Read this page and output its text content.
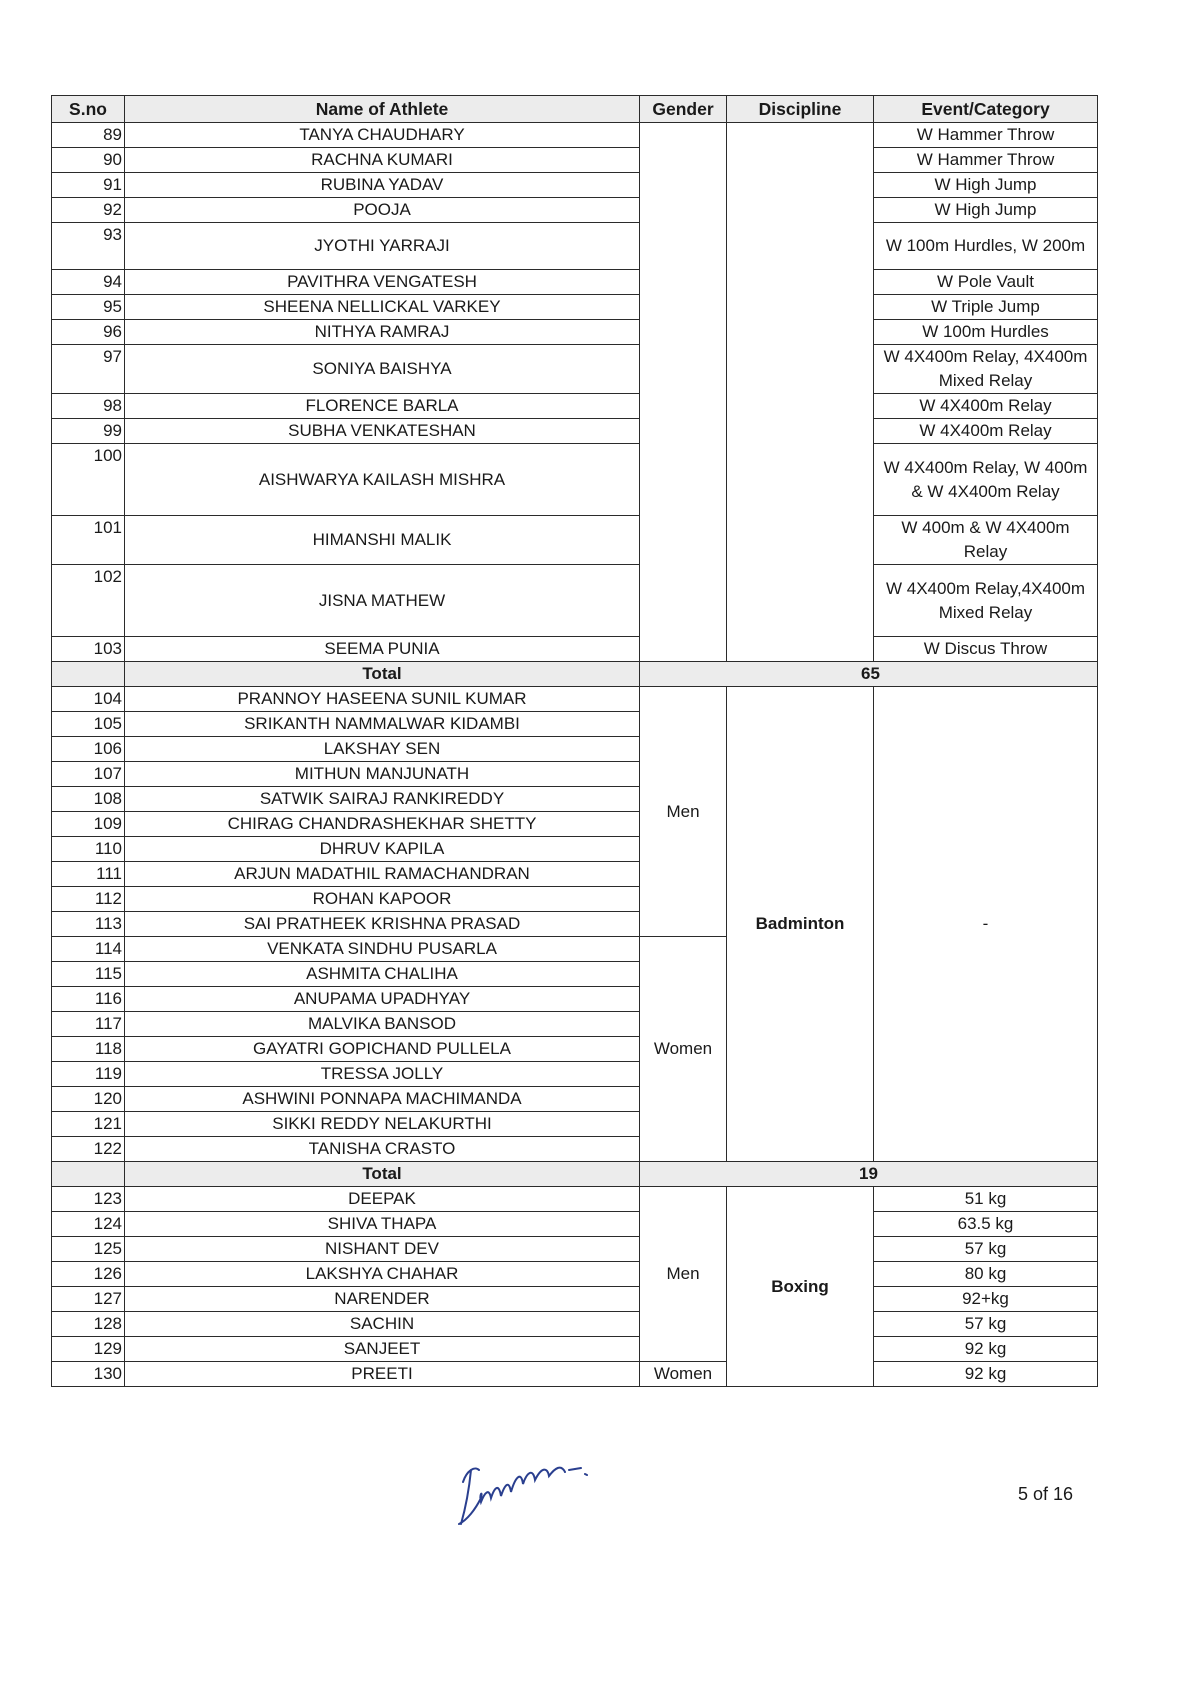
S.no	Name of Athlete	Gender	Discipline	Event/Category
89	TANYA CHAUDHARY			W Hammer Throw
90	RACHNA KUMARI			W Hammer Throw
91	RUBINA YADAV			W High Jump
92	POOJA			W High Jump
93	JYOTHI YARRAJI			W 100m Hurdles, W 200m
94	PAVITHRA VENGATESH			W Pole Vault
95	SHEENA NELLICKAL VARKEY			W Triple Jump
96	NITHYA RAMRAJ			W 100m Hurdles
97	SONIYA BAISHYA			W 4X400m Relay, 4X400m Mixed Relay
98	FLORENCE BARLA			W 4X400m Relay
99	SUBHA VENKATESHAN			W 4X400m Relay
100	AISHWARYA KAILASH MISHRA			W 4X400m Relay, W 400m & W 4X400m Relay
101	HIMANSHI MALIK			W 400m & W 4X400m Relay
102	JISNA MATHEW			W 4X400m Relay,4X400m Mixed Relay
103	SEEMA PUNIA			W Discus Throw
	Total	65		
104	PRANNOY HASEENA SUNIL KUMAR	Men	Badminton	-
105	SRIKANTH NAMMALWAR KIDAMBI			
106	LAKSHAY SEN			
107	MITHUN MANJUNATH			
108	SATWIK SAIRAJ RANKIREDDY			
109	CHIRAG CHANDRASHEKHAR SHETTY			
110	DHRUV KAPILA			
111	ARJUN MADATHIL RAMACHANDRAN			
112	ROHAN KAPOOR			
113	SAI PRATHEEK KRISHNA PRASAD			
114	VENKATA SINDHU PUSARLA	Women		
115	ASHMITA CHALIHA			
116	ANUPAMA UPADHYAY			
117	MALVIKA BANSOD			
118	GAYATRI GOPICHAND PULLELA			
119	TRESSA JOLLY			
120	ASHWINI PONNAPA MACHIMANDA			
121	SIKKI REDDY NELAKURTHI			
122	TANISHA CRASTO			
	Total	19		
123	DEEPAK	Men	Boxing	51 kg
124	SHIVA THAPA			63.5 kg
125	NISHANT DEV			57 kg
126	LAKSHYA CHAHAR			80 kg
127	NARENDER			92+kg
128	SACHIN			57 kg
129	SANJEET			92 kg
130	PREETI	Women		92 kg
5 of 16
